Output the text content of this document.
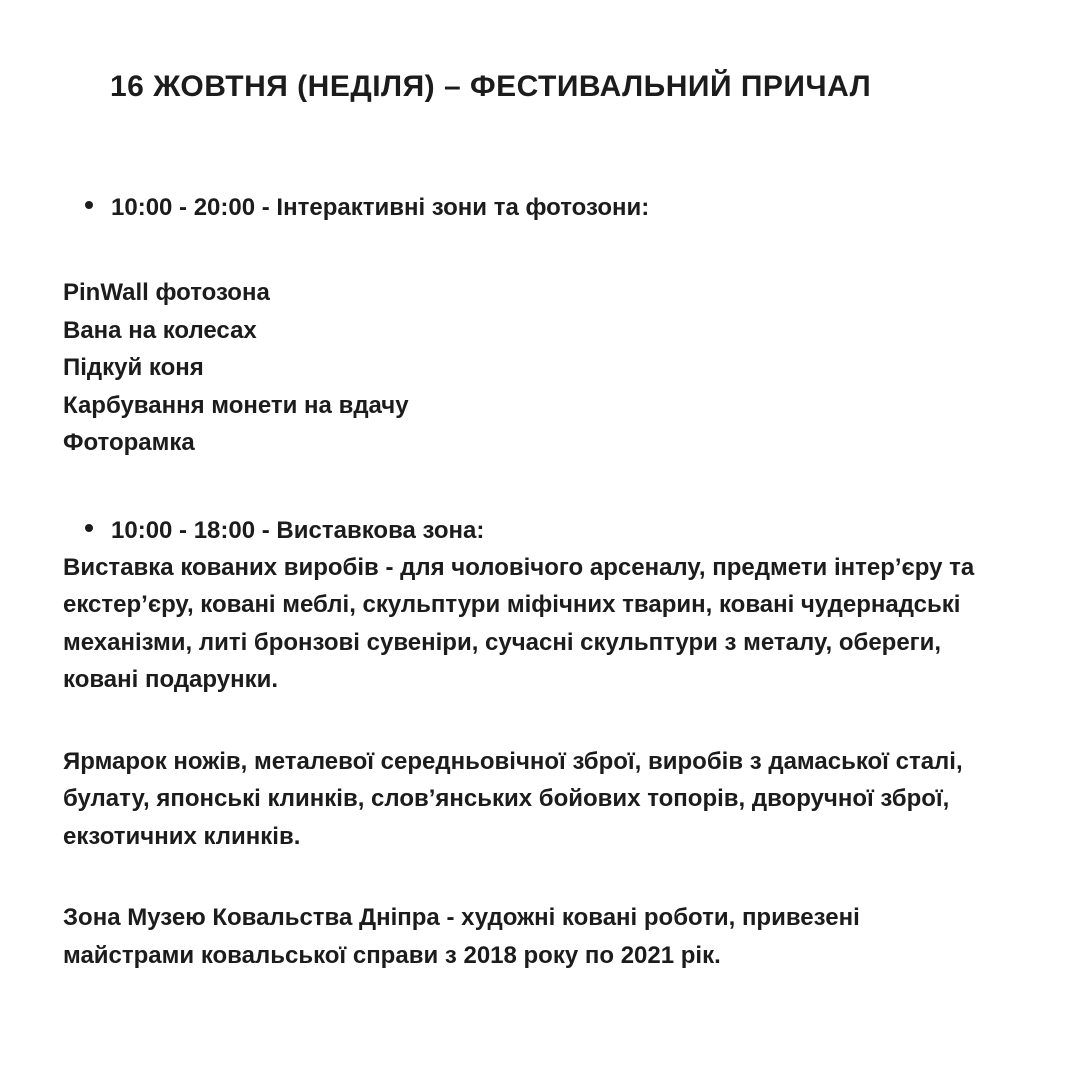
16 ЖОВТНЯ (НЕДІЛЯ) – ФЕСТИВАЛЬНИЙ ПРИЧАЛ
10:00 - 20:00 - Інтерактивні зони та фотозони:
PinWall фотозона
Вана на колесах
Підкуй коня
Карбування монети на вдачу
Фоторамка
10:00 - 18:00 - Виставкова зона:
Виставка кованих виробів - для чоловічого арсеналу, предмети інтер’єру та
екстер’єру, ковані меблі, скульптури міфічних тварин, ковані чудернадські
механізми, литі бронзові сувеніри, сучасні скульптури з металу, обереги,
ковані подарунки.
Ярмарок ножів, металевої середньовічної зброї, виробів з дамаської сталі,
булату, японські клинків, слов’янських бойових топорів, дворучної зброї,
екзотичних клинків.
Зона Музею Ковальства Дніпра - художні ковані роботи, привезені
майстрами ковальської справи з 2018 року по 2021 рік.
